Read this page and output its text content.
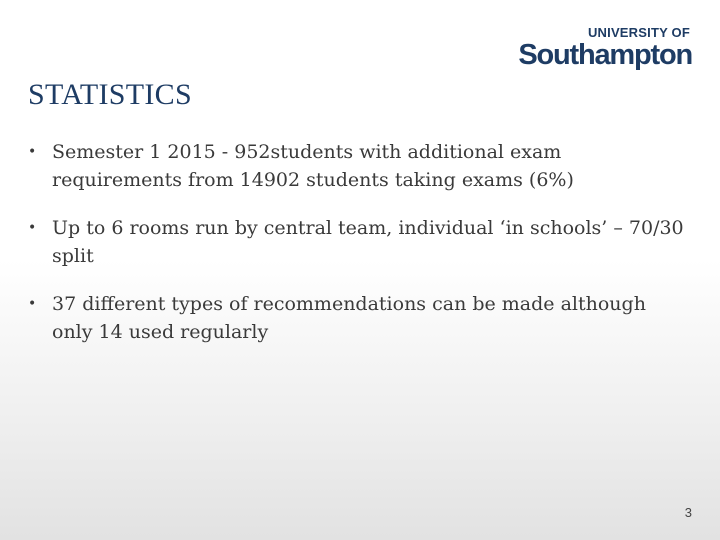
UNIVERSITY OF
Southampton
STATISTICS
• Semester 1 2015 - 952students with additional exam requirements from 14902 students taking exams (6%)
• Up to 6 rooms run by central team, individual ‘in schools’ – 70/30 split
• 37 different types of recommendations can be made although only 14 used regularly
3
